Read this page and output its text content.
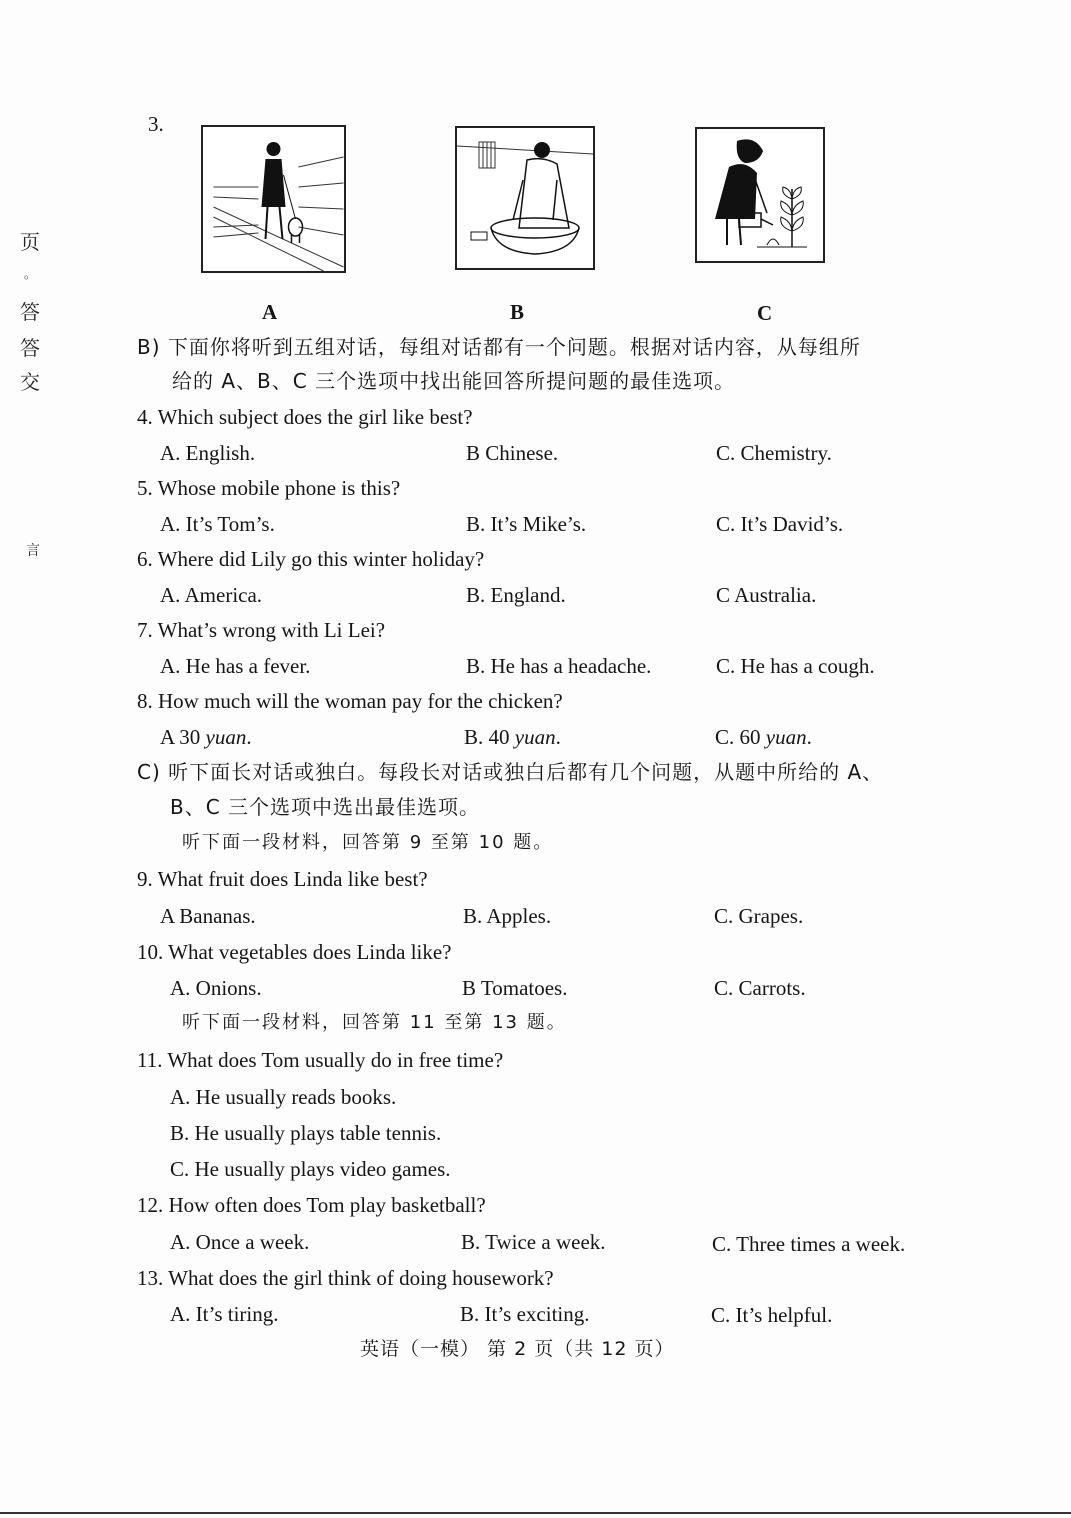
页
。
答
答
交
言
3.
A	B	C
B) 下面你将听到五组对话，每组对话都有一个问题。根据对话内容，从每组所
给的 A、B、C 三个选项中找出能回答所提问题的最佳选项。
4. Which subject does the girl like best?
A. English.	B Chinese.	C. Chemistry.
5. Whose mobile phone is this?
A. It’s Tom’s.	B. It’s Mike’s.	C. It’s David’s.
6. Where did Lily go this winter holiday?
A. America.	B. England.	C Australia.
7. What’s wrong with Li Lei?
A. He has a fever.	B. He has a headache.	C. He has a cough.
8. How much will the woman pay for the chicken?
A 30 yuan.	B. 40 yuan.	C. 60 yuan.
C) 听下面长对话或独白。每段长对话或独白后都有几个问题，从题中所给的 A、
B、C 三个选项中选出最佳选项。
听下面一段材料，回答第 9 至第 10 题。
9. What fruit does Linda like best?
A Bananas.	B. Apples.	C. Grapes.
10. What vegetables does Linda like?
A. Onions.	B Tomatoes.	C. Carrots.
听下面一段材料，回答第 11 至第 13 题。
11. What does Tom usually do in free time?
A. He usually reads books.
B. He usually plays table tennis.
C. He usually plays video games.
12. How often does Tom play basketball?
A. Once a week.	B. Twice a week.	C. Three times a week.
13. What does the girl think of doing housework?
A. It’s tiring.	B. It’s exciting.	C. It’s helpful.
英语（一模） 第 2 页（共 12 页）
